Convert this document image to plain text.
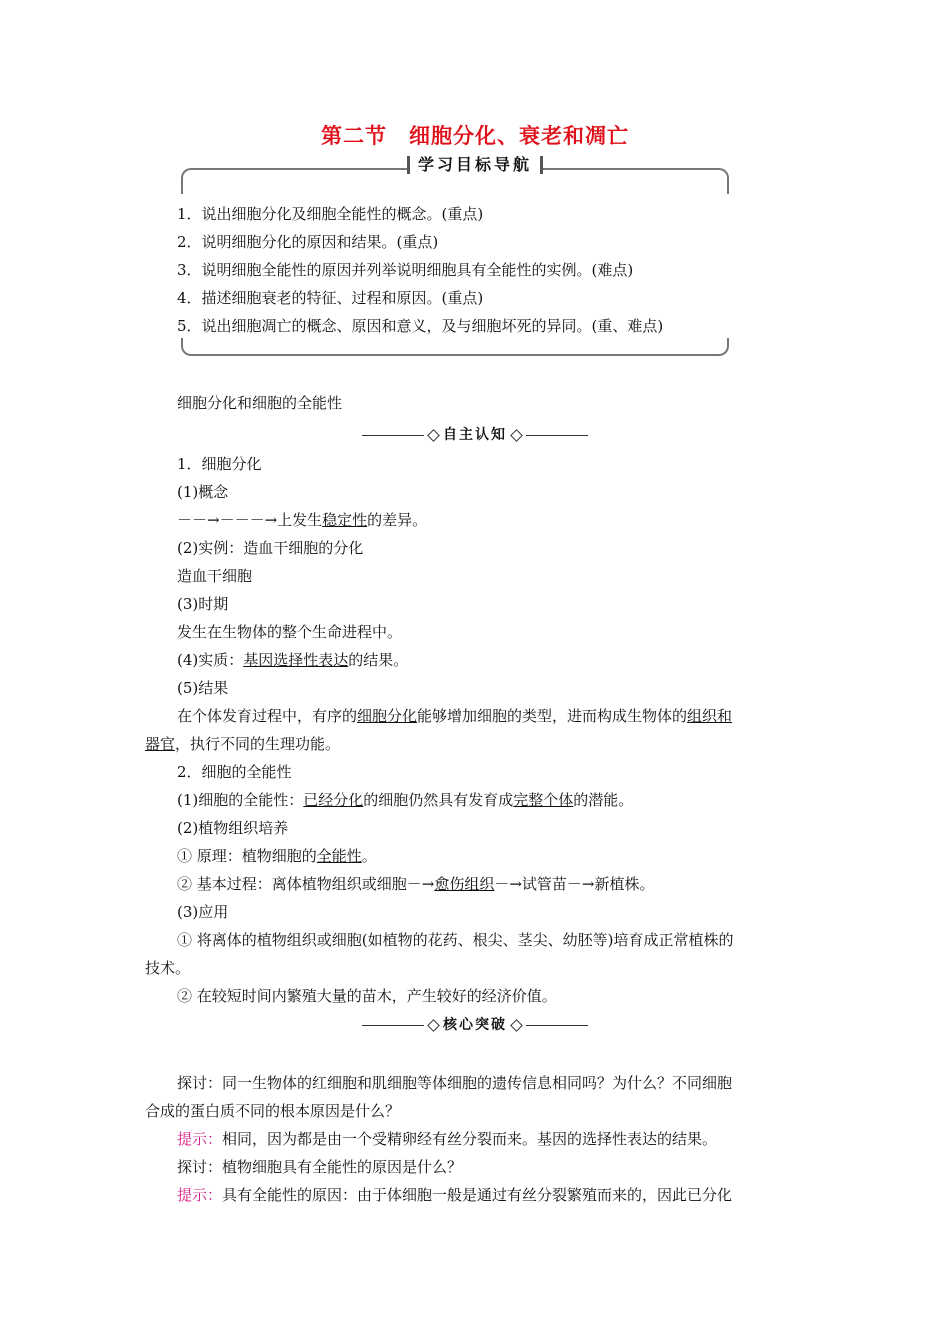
第二节　细胞分化、衰老和凋亡
学习目标导航
1．说出细胞分化及细胞全能性的概念。(重点)
2．说明细胞分化的原因和结果。(重点)
3．说明细胞全能性的原因并列举说明细胞具有全能性的实例。(难点)
4．描述细胞衰老的特征、过程和原因。(重点)
5．说出细胞凋亡的概念、原因和意义，及与细胞坏死的异同。(重、难点)
细胞分化和细胞的全能性
自主认知
1．细胞分化
(1)概念
－－→－－－→上发生稳定性的差异。
(2)实例：造血干细胞的分化
造血干细胞
(3)时期
发生在生物体的整个生命进程中。
(4)实质：基因选择性表达的结果。
(5)结果
在个体发育过程中，有序的细胞分化能够增加细胞的类型，进而构成生物体的组织和
器官，执行不同的生理功能。
2．细胞的全能性
(1)细胞的全能性：已经分化的细胞仍然具有发育成完整个体的潜能。
(2)植物组织培养
① 原理：植物细胞的全能性。
② 基本过程：离体植物组织或细胞－→愈伤组织－→试管苗－→新植株。
(3)应用
① 将离体的植物组织或细胞(如植物的花药、根尖、茎尖、幼胚等)培育成正常植株的
技术。
② 在较短时间内繁殖大量的苗木，产生较好的经济价值。
核心突破
探讨：同一生物体的红细胞和肌细胞等体细胞的遗传信息相同吗？为什么？不同细胞
合成的蛋白质不同的根本原因是什么？
提示：相同，因为都是由一个受精卵经有丝分裂而来。基因的选择性表达的结果。
探讨：植物细胞具有全能性的原因是什么？
提示：具有全能性的原因：由于体细胞一般是通过有丝分裂繁殖而来的，因此已分化
